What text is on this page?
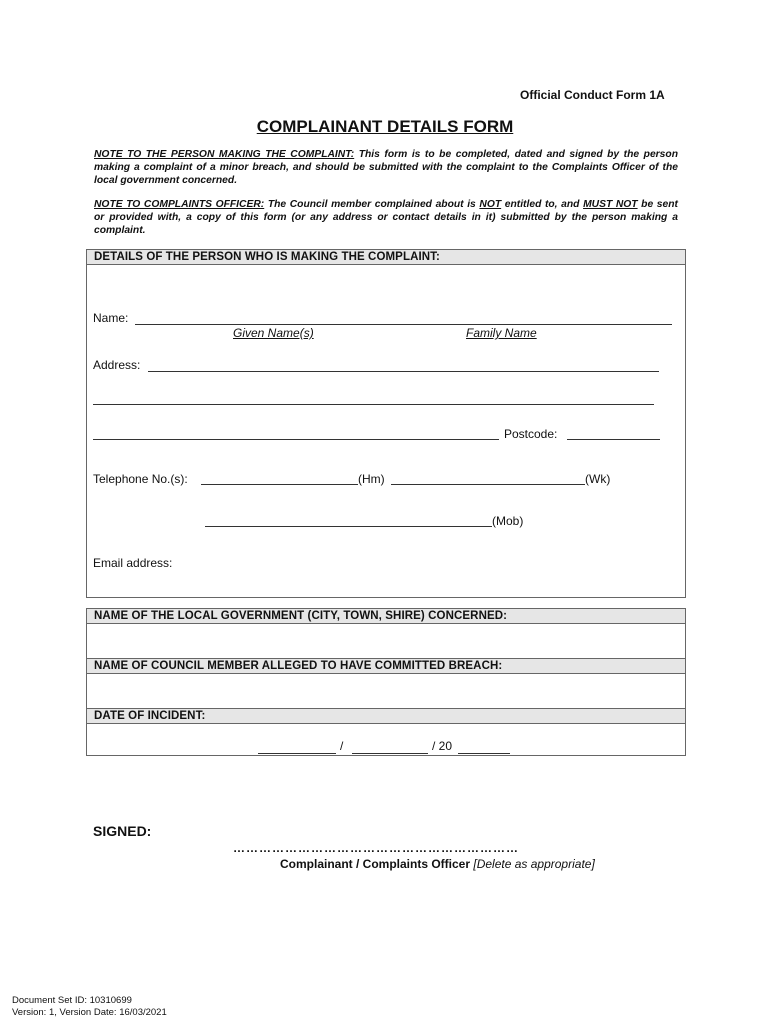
Official Conduct Form 1A
COMPLAINANT DETAILS FORM
NOTE TO THE PERSON MAKING THE COMPLAINT: This form is to be completed, dated and signed by the person making a complaint of a minor breach, and should be submitted with the complaint to the Complaints Officer of the local government concerned.
NOTE TO COMPLAINTS OFFICER: The Council member complained about is NOT entitled to, and MUST NOT be sent or provided with, a copy of this form (or any address or contact details in it) submitted by the person making a complaint.
DETAILS OF THE PERSON WHO IS MAKING THE COMPLAINT:
Name:
Given Name(s)	Family Name
Address:
Postcode:
Telephone No.(s):	(Hm)	(Wk)
(Mob)
Email address:
NAME OF THE LOCAL GOVERNMENT (CITY, TOWN, SHIRE) CONCERNED:
NAME OF COUNCIL MEMBER ALLEGED TO HAVE COMMITTED BREACH:
DATE OF INCIDENT:
/	/ 20
SIGNED:
…………………………………………………………
Complainant / Complaints Officer [Delete as appropriate]
Document Set ID: 10310699
Version: 1, Version Date: 16/03/2021
